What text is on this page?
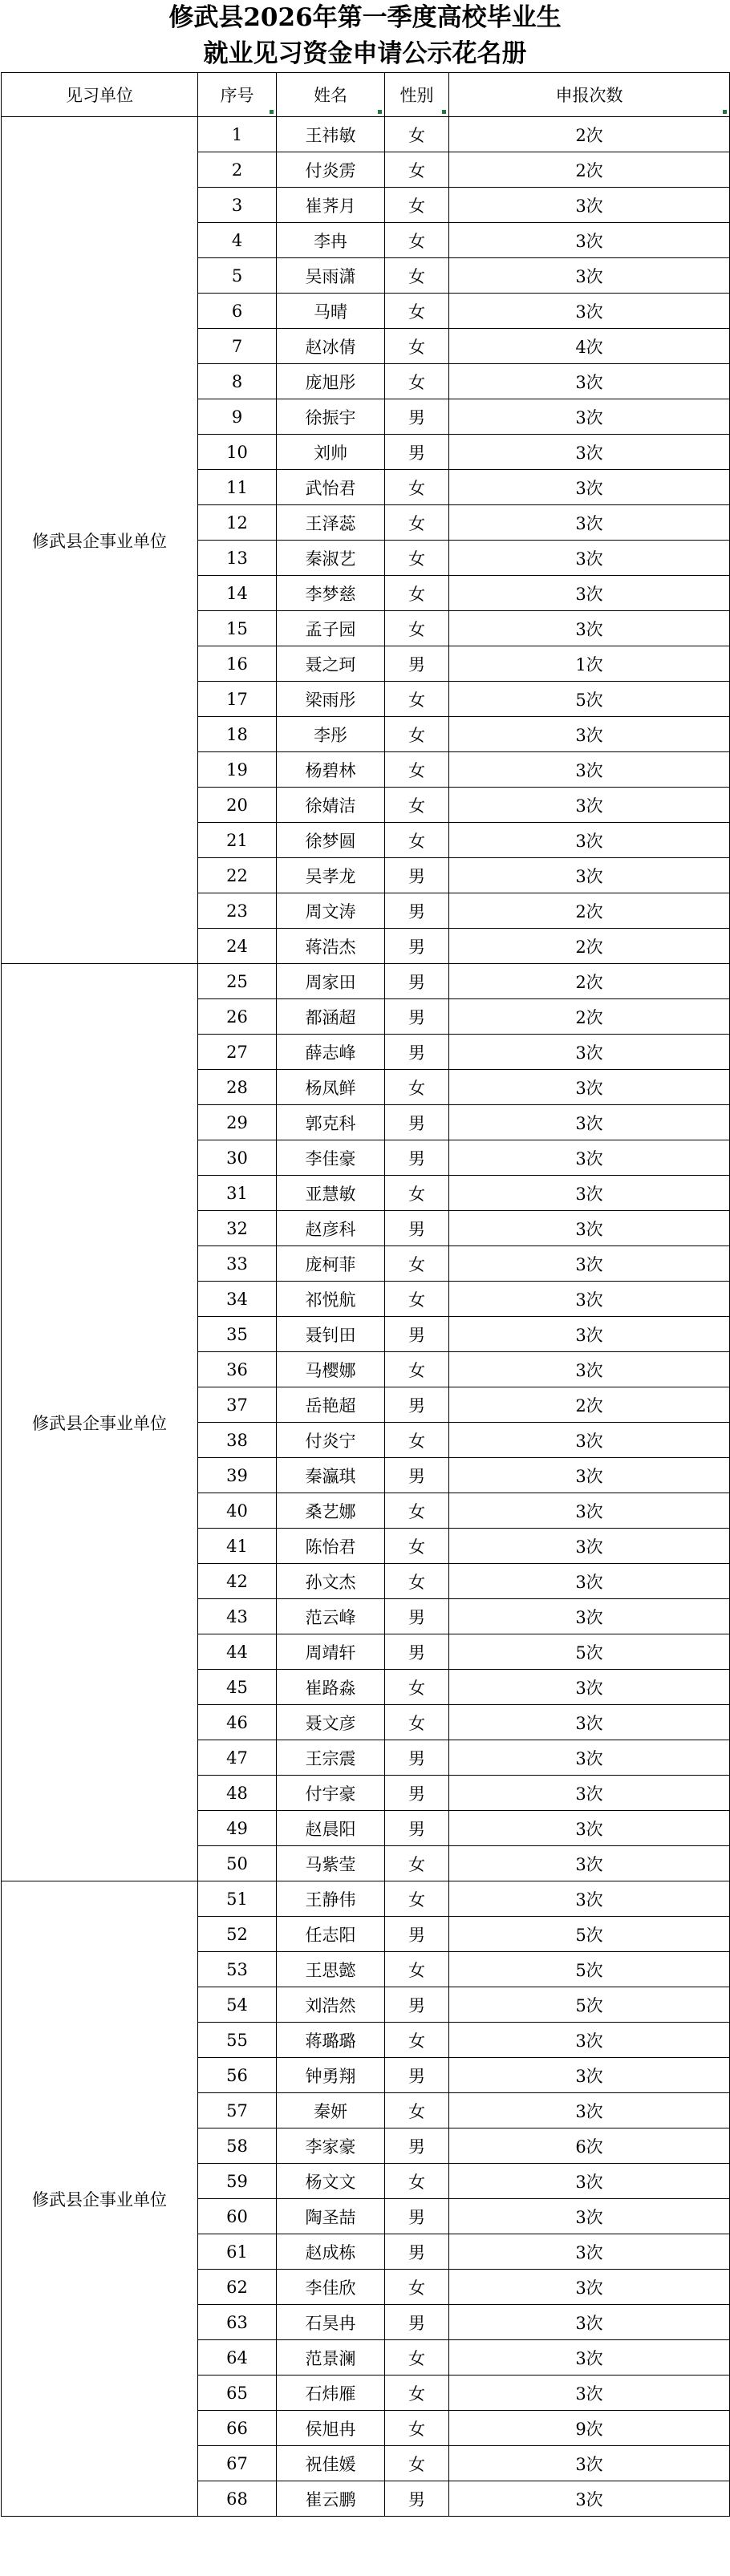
修武县2026年第一季度高校毕业生
就业见习资金申请公示花名册
见习单位	序号	姓名	性别	申报次数

修武县企事业单位	1	王祎敏	女	2次
	2	付炎雳	女	2次
	3	崔荠月	女	3次
	4	李冉	女	3次
	5	吴雨潇	女	3次
	6	马晴	女	3次
	7	赵冰倩	女	4次
	8	庞旭彤	女	3次
	9	徐振宇	男	3次
	10	刘帅	男	3次
	11	武怡君	女	3次
	12	王泽蕊	女	3次
	13	秦淑艺	女	3次
	14	李梦慈	女	3次
	15	孟子园	女	3次
	16	聂之珂	男	1次
	17	梁雨彤	女	5次
	18	李彤	女	3次
	19	杨碧林	女	3次
	20	徐婧洁	女	3次
	21	徐梦圆	女	3次
	22	吴孝龙	男	3次
	23	周文涛	男	2次
	24	蒋浩杰	男	2次
修武县企事业单位	25	周家田	男	2次
	26	都涵超	男	2次
	27	薛志峰	男	3次
	28	杨凤鲜	女	3次
	29	郭克科	男	3次
	30	李佳豪	男	3次
	31	亚慧敏	女	3次
	32	赵彦科	男	3次
	33	庞柯菲	女	3次
	34	祁悦航	女	3次
	35	聂钊田	男	3次
	36	马樱娜	女	3次
	37	岳艳超	男	2次
	38	付炎宁	女	3次
	39	秦瀛琪	男	3次
	40	桑艺娜	女	3次
	41	陈怡君	女	3次
	42	孙文杰	女	3次
	43	范云峰	男	3次
	44	周靖轩	男	5次
	45	崔路淼	女	3次
	46	聂文彦	女	3次
	47	王宗震	男	3次
	48	付宇豪	男	3次
	49	赵晨阳	男	3次
	50	马紫莹	女	3次
修武县企事业单位	51	王静伟	女	3次
	52	任志阳	男	5次
	53	王思懿	女	5次
	54	刘浩然	男	5次
	55	蒋璐璐	女	3次
	56	钟勇翔	男	3次
	57	秦妍	女	3次
	58	李家豪	男	6次
	59	杨文文	女	3次
	60	陶圣喆	男	3次
	61	赵成栋	男	3次
	62	李佳欣	女	3次
	63	石昊冉	男	3次
	64	范景澜	女	3次
	65	石炜雁	女	3次
	66	侯旭冉	女	9次
	67	祝佳媛	女	3次
	68	崔云鹏	男	3次
